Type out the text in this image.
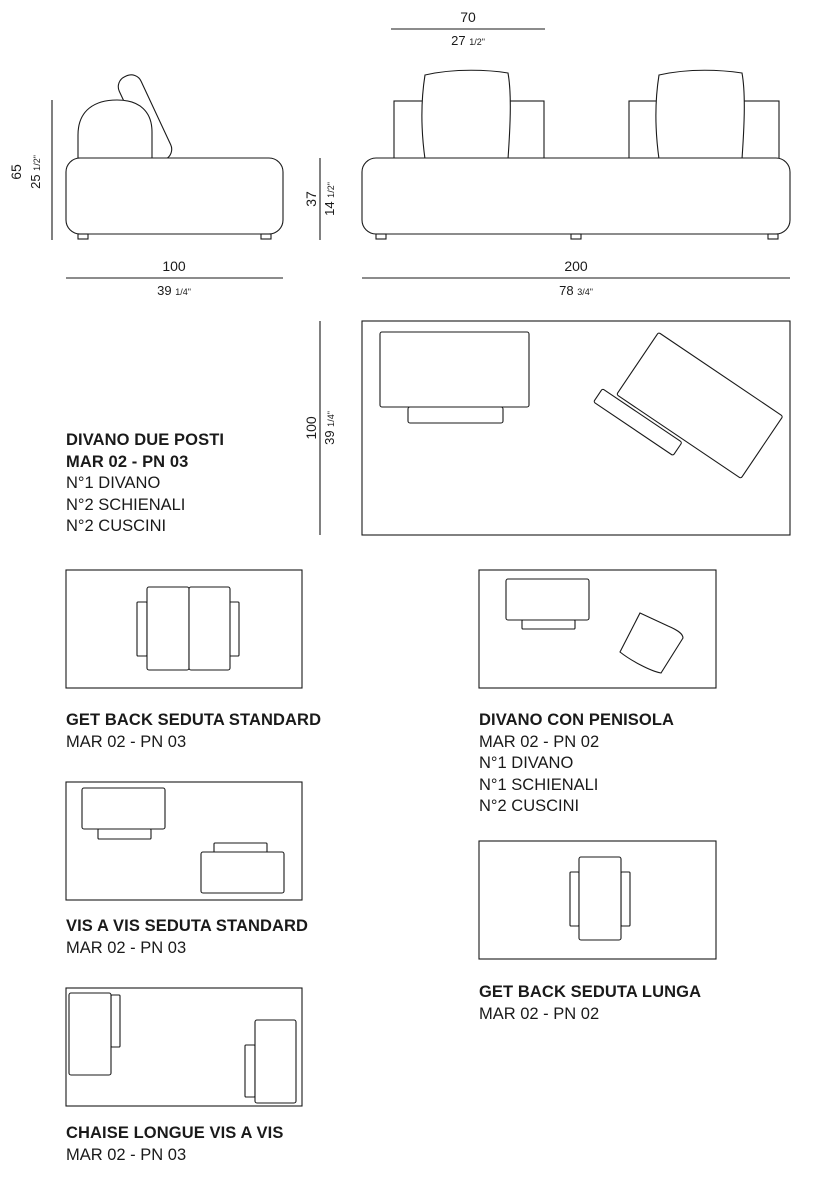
65
25 1/2"
100
39 1/4"
70
27 1/2"
37
14 1/2"
200
78 3/4"
100 39 1/4"
DIVANO DUE POSTI
MAR 02 - PN 03
N°1 DIVANO
N°2 SCHIENALI
N°2 CUSCINI
GET BACK SEDUTA STANDARD
MAR 02 - PN 03
DIVANO CON PENISOLA
MAR 02 - PN 02
N°1 DIVANO
N°1 SCHIENALI
N°2 CUSCINI
VIS A VIS SEDUTA STANDARD
MAR 02 - PN 03
GET BACK SEDUTA LUNGA
MAR 02 - PN 02
CHAISE LONGUE VIS A VIS
MAR 02 - PN 03
